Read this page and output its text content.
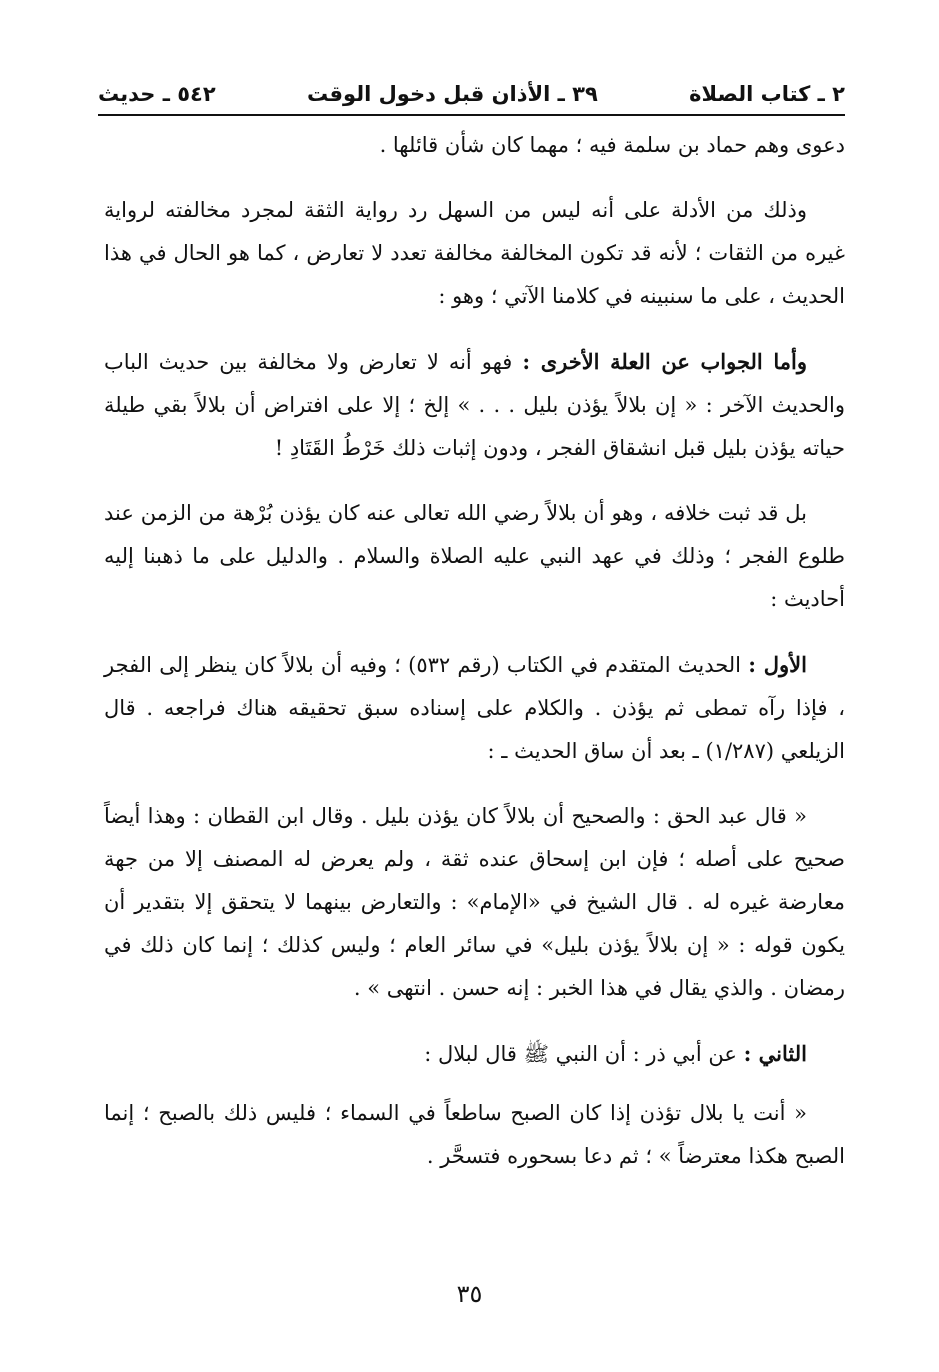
٢ ـ كتاب الصلاة
٣٩ ـ الأذان قبل دخول الوقت
٥٤٢ ـ حديث

دعوى وهم حماد بن سلمة فيه ؛ مهما كان شأن قائلها .

وذلك من الأدلة على أنه ليس من السهل رد رواية الثقة لمجرد مخالفته لرواية غيره من الثقات ؛ لأنه قد تكون المخالفة مخالفة تعدد لا تعارض ، كما هو الحال في هذا الحديث ، على ما سنبينه في كلامنا الآتي ؛ وهو :

وأما الجواب عن العلة الأخرى : فهو أنه لا تعارض ولا مخالفة بين حديث الباب والحديث الآخر : « إن بلالاً يؤذن بليل . . . » إلخ ؛ إلا على افتراض أن بلالاً بقي طيلة حياته يؤذن بليل قبل انشقاق الفجر ، ودون إثبات ذلك خَرْطُ القَتَادِ !

بل قد ثبت خلافه ، وهو أن بلالاً رضي الله تعالى عنه كان يؤذن بُرْهة من الزمن عند طلوع الفجر ؛ وذلك في عهد النبي عليه الصلاة والسلام . والدليل على ما ذهبنا إليه أحاديث :

الأول : الحديث المتقدم في الكتاب (رقم ٥٣٢) ؛ وفيه أن بلالاً كان ينظر إلى الفجر ، فإذا رآه تمطى ثم يؤذن . والكلام على إسناده سبق تحقيقه هناك فراجعه . قال الزيلعي (١/٢٨٧) ـ بعد أن ساق الحديث ـ :

« قال عبد الحق : والصحيح أن بلالاً كان يؤذن بليل . وقال ابن القطان : وهذا أيضاً صحيح على أصله ؛ فإن ابن إسحاق عنده ثقة ، ولم يعرض له المصنف إلا من جهة معارضة غيره له . قال الشيخ في «الإمام» : والتعارض بينهما لا يتحقق إلا بتقدير أن يكون قوله : « إن بلالاً يؤذن بليل» في سائر العام ؛ وليس كذلك ؛ إنما كان ذلك في رمضان . والذي يقال في هذا الخبر : إنه حسن . انتهى » .

الثاني : عن أبي ذر : أن النبي ﷺ قال لبلال :

« أنت يا بلال تؤذن إذا كان الصبح ساطعاً في السماء ؛ فليس ذلك بالصبح ؛ إنما الصبح هكذا معترضاً » ؛ ثم دعا بسحوره فتسحَّر .

٣٥
